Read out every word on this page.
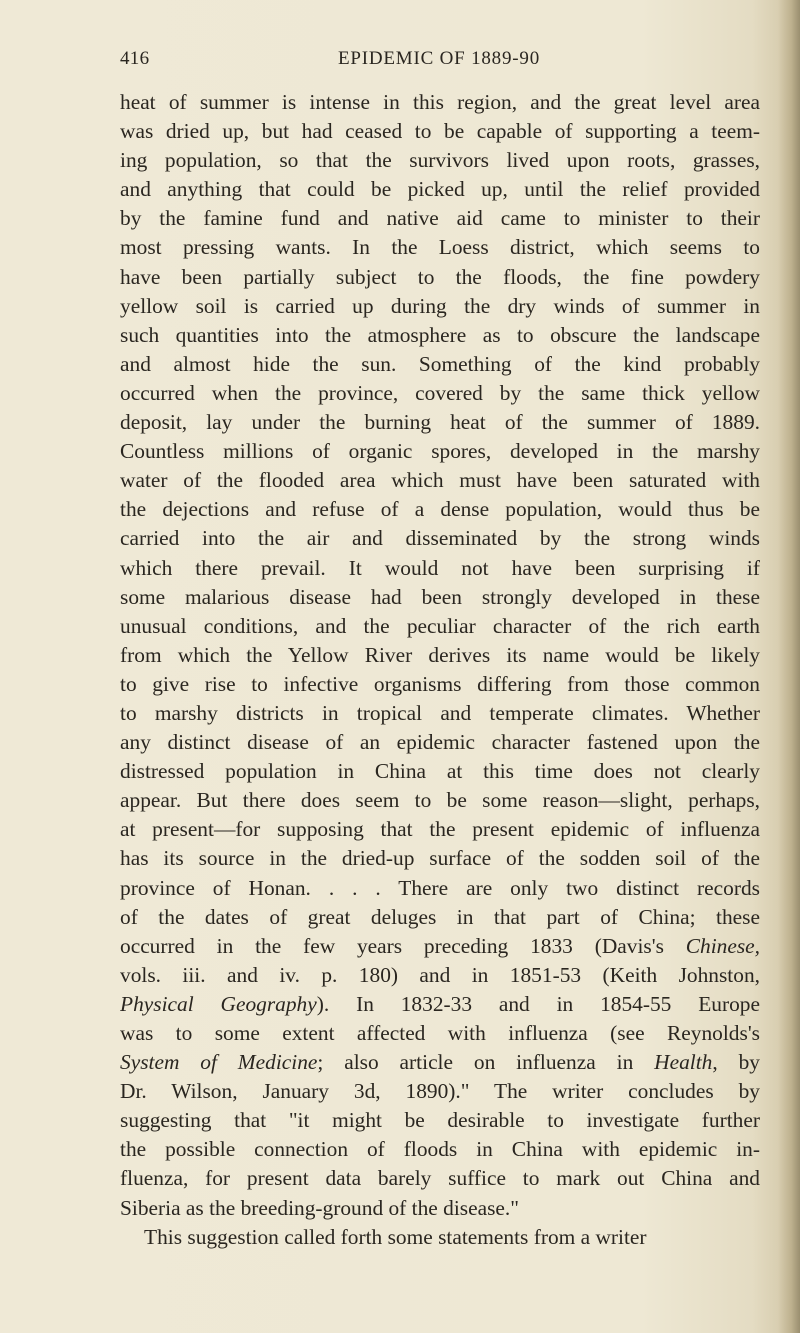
416	EPIDEMIC OF 1889-90
heat of summer is intense in this region, and the great level area
was dried up, but had ceased to be capable of supporting a teem-
ing population, so that the survivors lived upon roots, grasses,
and anything that could be picked up, until the relief provided
by the famine fund and native aid came to minister to their
most pressing wants. In the Loess district, which seems to
have been partially subject to the floods, the fine powdery
yellow soil is carried up during the dry winds of summer in
such quantities into the atmosphere as to obscure the landscape
and almost hide the sun. Something of the kind probably
occurred when the province, covered by the same thick yellow
deposit, lay under the burning heat of the summer of 1889.
Countless millions of organic spores, developed in the marshy
water of the flooded area which must have been saturated with
the dejections and refuse of a dense population, would thus be
carried into the air and disseminated by the strong winds
which there prevail. It would not have been surprising if
some malarious disease had been strongly developed in these
unusual conditions, and the peculiar character of the rich earth
from which the Yellow River derives its name would be likely
to give rise to infective organisms differing from those common
to marshy districts in tropical and temperate climates. Whether
any distinct disease of an epidemic character fastened upon the
distressed population in China at this time does not clearly
appear. But there does seem to be some reason—slight, perhaps,
at present—for supposing that the present epidemic of influenza
has its source in the dried-up surface of the sodden soil of the
province of Honan. . . . There are only two distinct records
of the dates of great deluges in that part of China; these
occurred in the few years preceding 1833 (Davis's Chinese,
vols. iii. and iv. p. 180) and in 1851-53 (Keith Johnston,
Physical Geography). In 1832-33 and in 1854-55 Europe
was to some extent affected with influenza (see Reynolds's
System of Medicine; also article on influenza in Health, by
Dr. Wilson, January 3d, 1890)." The writer concludes by
suggesting that "it might be desirable to investigate further
the possible connection of floods in China with epidemic in-
fluenza, for present data barely suffice to mark out China and
Siberia as the breeding-ground of the disease."
This suggestion called forth some statements from a writer
